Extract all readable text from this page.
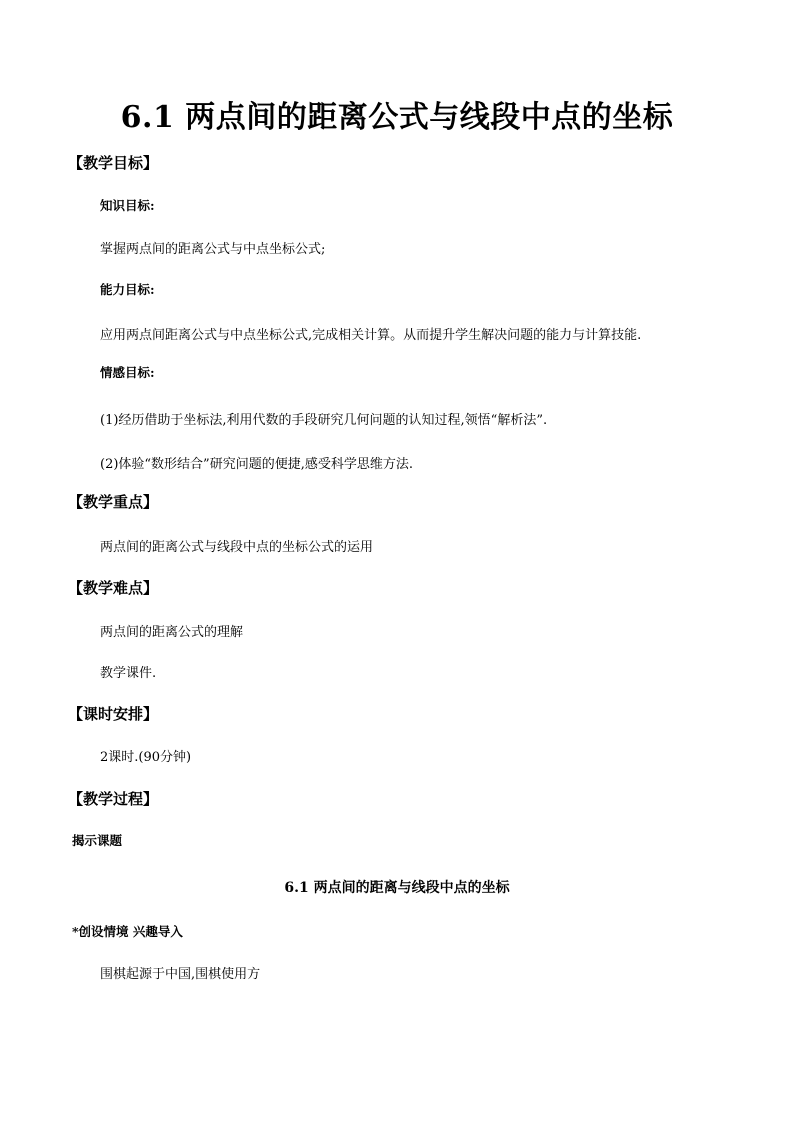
6.1 两点间的距离公式与线段中点的坐标
【教学目标】
知识目标:
掌握两点间的距离公式与中点坐标公式;
能力目标:
应用两点间距离公式与中点坐标公式,完成相关计算。从而提升学生解决问题的能力与计算技能.
情感目标:
(1)经历借助于坐标法,利用代数的手段研究几何问题的认知过程,领悟“解析法”.
(2)体验“数形结合”研究问题的便捷,感受科学思维方法.
【教学重点】
两点间的距离公式与线段中点的坐标公式的运用
【教学难点】
两点间的距离公式的理解
教学课件.
【课时安排】
2课时.(90分钟)
【教学过程】
揭示课题
6.1 两点间的距离与线段中点的坐标
*创设情境 兴趣导入
围棋起源于中国,围棋使用方
